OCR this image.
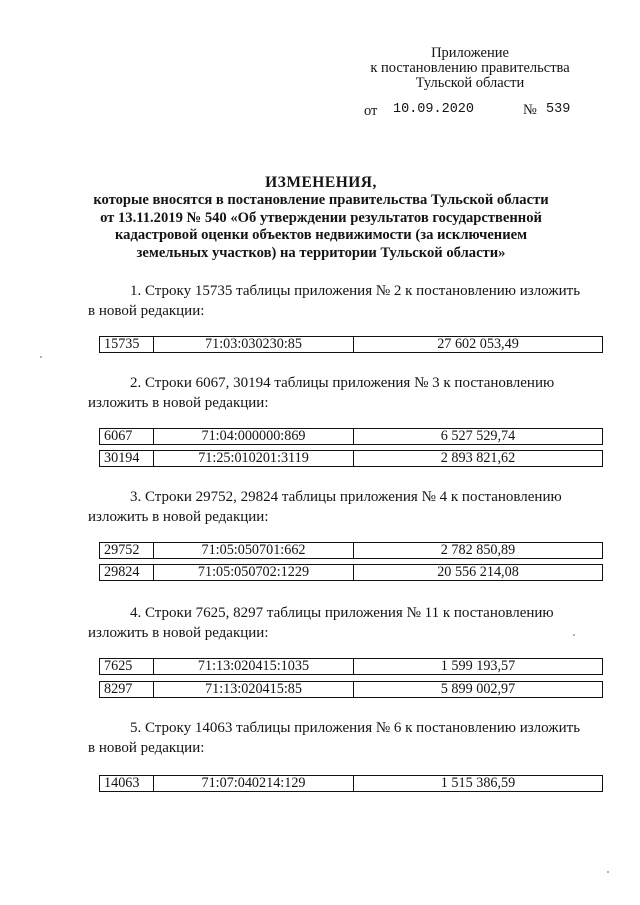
Приложение
к постановлению правительства
Тульской области
от 10.09.2020	№ 539
ИЗМЕНЕНИЯ,
которые вносятся в постановление правительства Тульской области
от 13.11.2019 № 540 «Об утверждении результатов государственной
кадастровой оценки объектов недвижимости (за исключением
земельных участков) на территории Тульской области»
1. Строку 15735 таблицы приложения № 2 к постановлению изложить
в новой редакции:
15735	71:03:030230:85	27 602 053,49
2. Строки 6067, 30194 таблицы приложения № 3 к постановлению
изложить в новой редакции:
6067	71:04:000000:869	6 527 529,74
30194	71:25:010201:3119	2 893 821,62
3. Строки 29752, 29824 таблицы приложения № 4 к постановлению
изложить в новой редакции:
29752	71:05:050701:662	2 782 850,89
29824	71:05:050702:1229	20 556 214,08
4. Строки 7625, 8297 таблицы приложения № 11 к постановлению
изложить в новой редакции:
7625	71:13:020415:1035	1 599 193,57
8297	71:13:020415:85	5 899 002,97
5. Строку 14063 таблицы приложения № 6 к постановлению изложить
в новой редакции:
14063	71:07:040214:129	1 515 386,59
